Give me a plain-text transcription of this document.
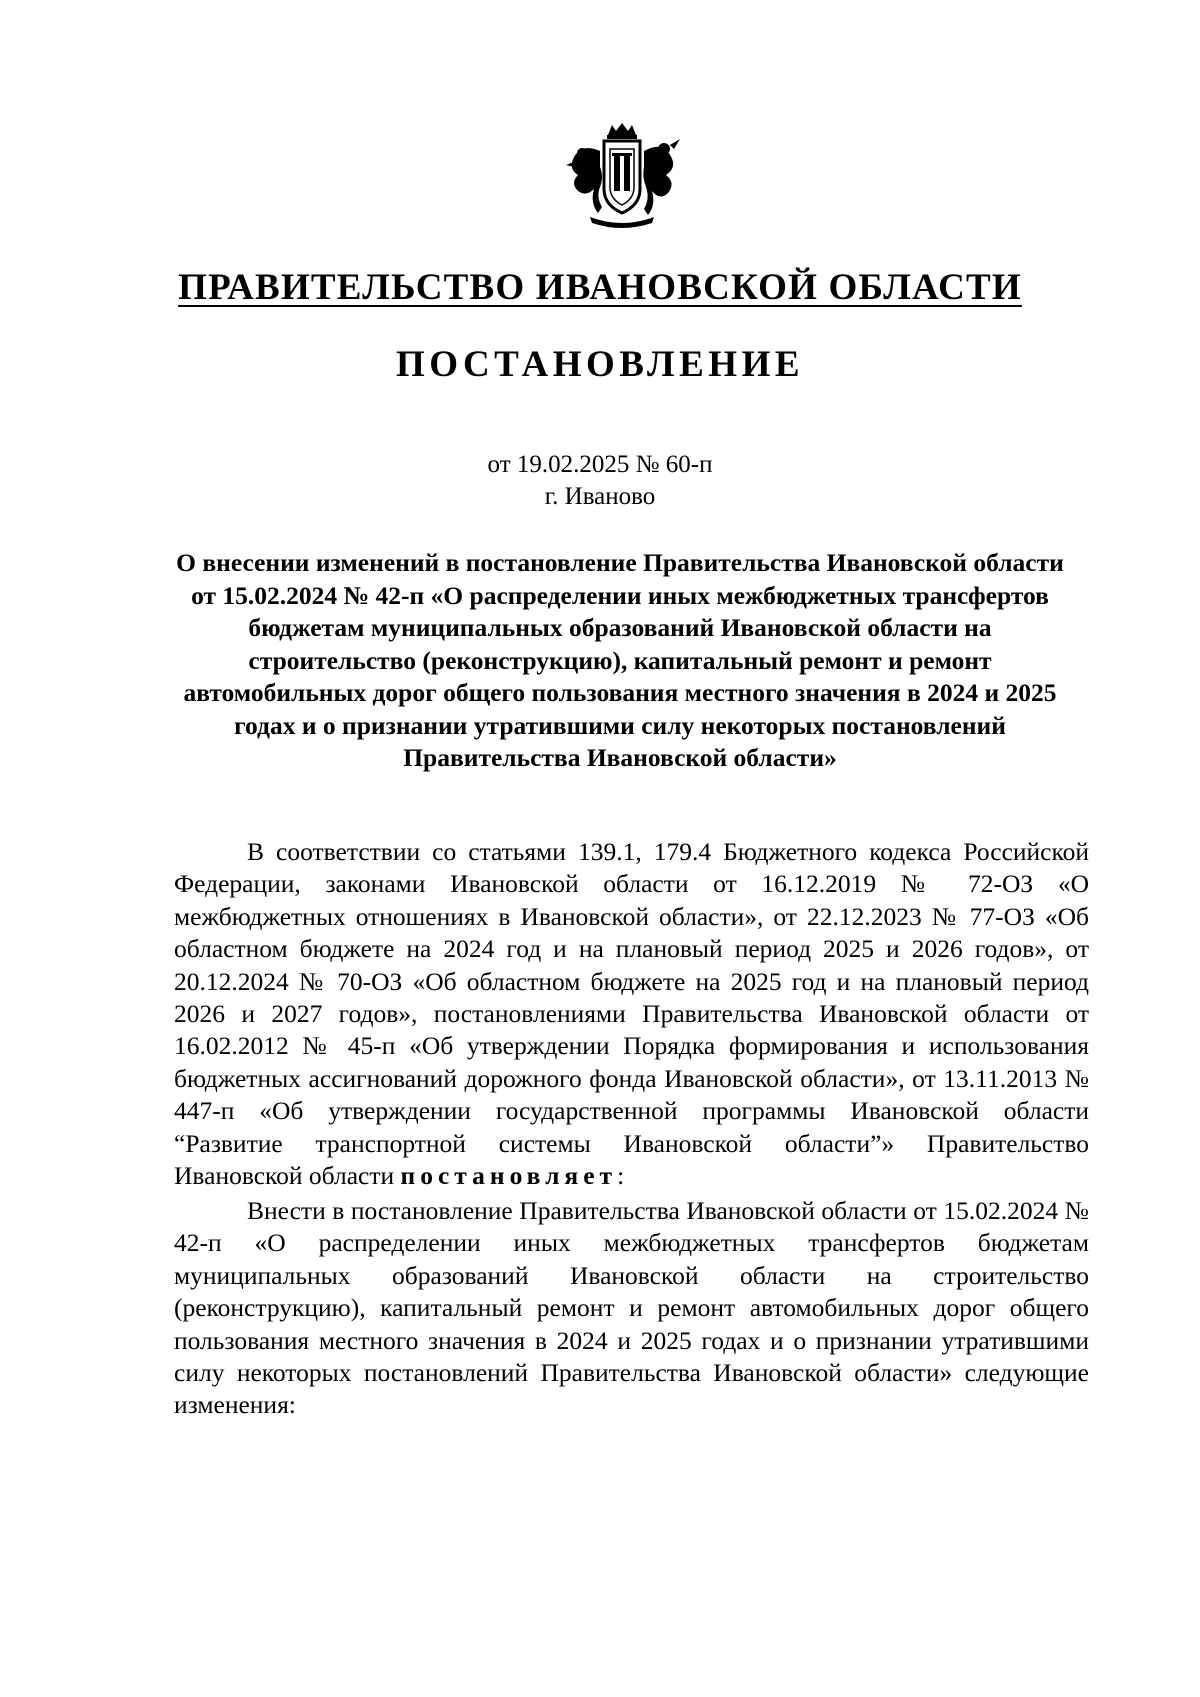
ПРАВИТЕЛЬСТВО ИВАНОВСКОЙ ОБЛАСТИ
ПОСТАНОВЛЕНИЕ
от 19.02.2025 № 60-п
г. Иваново
О внесении изменений в постановление Правительства Ивановской области от 15.02.2024 № 42-п «О распределении иных межбюджетных трансфертов бюджетам муниципальных образований Ивановской области на строительство (реконструкцию), капитальный ремонт и ремонт автомобильных дорог общего пользования местного значения в 2024 и 2025 годах и о признании утратившими силу некоторых постановлений Правительства Ивановской области»
В соответствии со статьями 139.1, 179.4 Бюджетного кодекса Российской Федерации, законами Ивановской области от 16.12.2019 № 72-ОЗ «О межбюджетных отношениях в Ивановской области», от 22.12.2023 № 77-ОЗ «Об областном бюджете на 2024 год и на плановый период 2025 и 2026 годов», от 20.12.2024 № 70-ОЗ «Об областном бюджете на 2025 год и на плановый период 2026 и 2027 годов», постановлениями Правительства Ивановской области от 16.02.2012 № 45-п «Об утверждении Порядка формирования и использования бюджетных ассигнований дорожного фонда Ивановской области», от 13.11.2013 № 447-п «Об утверждении государственной программы Ивановской области “Развитие транспортной системы Ивановской области”» Правительство Ивановской области постановляет:
Внести в постановление Правительства Ивановской области от 15.02.2024 № 42-п «О распределении иных межбюджетных трансфертов бюджетам муниципальных образований Ивановской области на строительство (реконструкцию), капитальный ремонт и ремонт автомобильных дорог общего пользования местного значения в 2024 и 2025 годах и о признании утратившими силу некоторых постановлений Правительства Ивановской области» следующие изменения:
